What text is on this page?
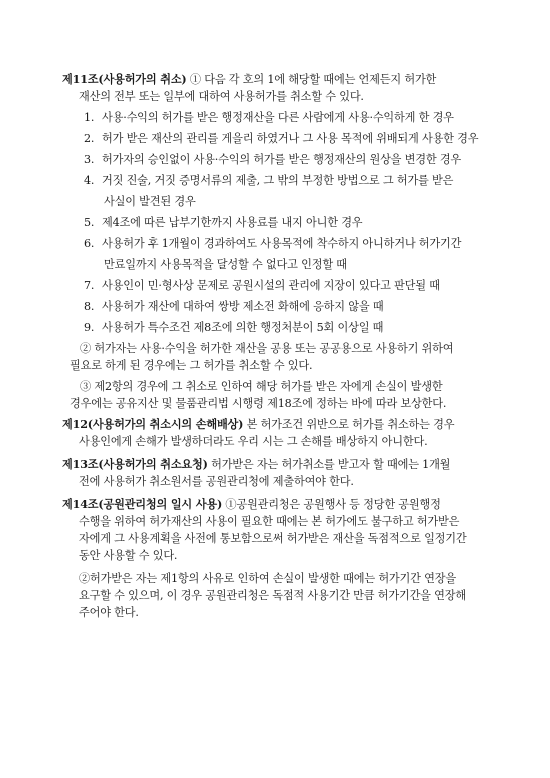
제11조(사용허가의 취소) ① 다음 각 호의 1에 해당할 때에는 언제든지 허가한
재산의 전부 또는 일부에 대하여 사용허가를 취소할 수 있다.
1. 사용·수익의 허가를 받은 행정재산을 다른 사람에게 사용·수익하게 한 경우
2. 허가 받은 재산의 관리를 게을리 하였거나 그 사용 목적에 위배되게 사용한 경우
3. 허가자의 승인없이 사용·수익의 허가를 받은 행정재산의 원상을 변경한 경우
4. 거짓 진술, 거짓 증명서류의 제출, 그 밖의 부정한 방법으로 그 허가를 받은
사실이 발견된 경우
5. 제4조에 따른 납부기한까지 사용료를 내지 아니한 경우
6. 사용허가 후 1개월이 경과하여도 사용목적에 착수하지 아니하거나 허가기간
만료일까지 사용목적을 달성할 수 없다고 인정할 때
7. 사용인이 민·형사상 문제로 공원시설의 관리에 지장이 있다고 판단될 때
8. 사용허가 재산에 대하여 쌍방 제소전 화해에 응하지 않을 때
9. 사용허가 특수조건 제8조에 의한 행정처분이 5회 이상일 때
② 허가자는 사용·수익을 허가한 재산을 공용 또는 공공용으로 사용하기 위하여
필요로 하게 된 경우에는 그 허가를 취소할 수 있다.
③ 제2항의 경우에 그 취소로 인하여 해당 허가를 받은 자에게 손실이 발생한
경우에는 공유지산 및 물품관리법 시행령 제18조에 정하는 바에 따라 보상한다.
제12(사용허가의 취소시의 손해배상) 본 허가조건 위반으로 허가를 취소하는 경우
사용인에게 손해가 발생하더라도 우리 시는 그 손해를 배상하지 아니한다.
제13조(사용허가의 취소요청) 허가받은 자는 허가취소를 받고자 할 때에는 1개월
전에 사용허가 취소원서를 공원관리청에 제출하여야 한다.
제14조(공원관리청의 일시 사용) ①공원관리청은 공원행사 등 정당한 공원행정
수행을 위하여 허가재산의 사용이 필요한 때에는 본 허가에도 불구하고 허가받은
자에게 그 사용계획을 사전에 통보함으로써 허가받은 재산을 독점적으로 일정기간
동안 사용할 수 있다.
②허가받은 자는 제1항의 사유로 인하여 손실이 발생한 때에는 허가기간 연장을
요구할 수 있으며, 이 경우 공원관리청은 독점적 사용기간 만큼 허가기간을 연장해
주어야 한다.
